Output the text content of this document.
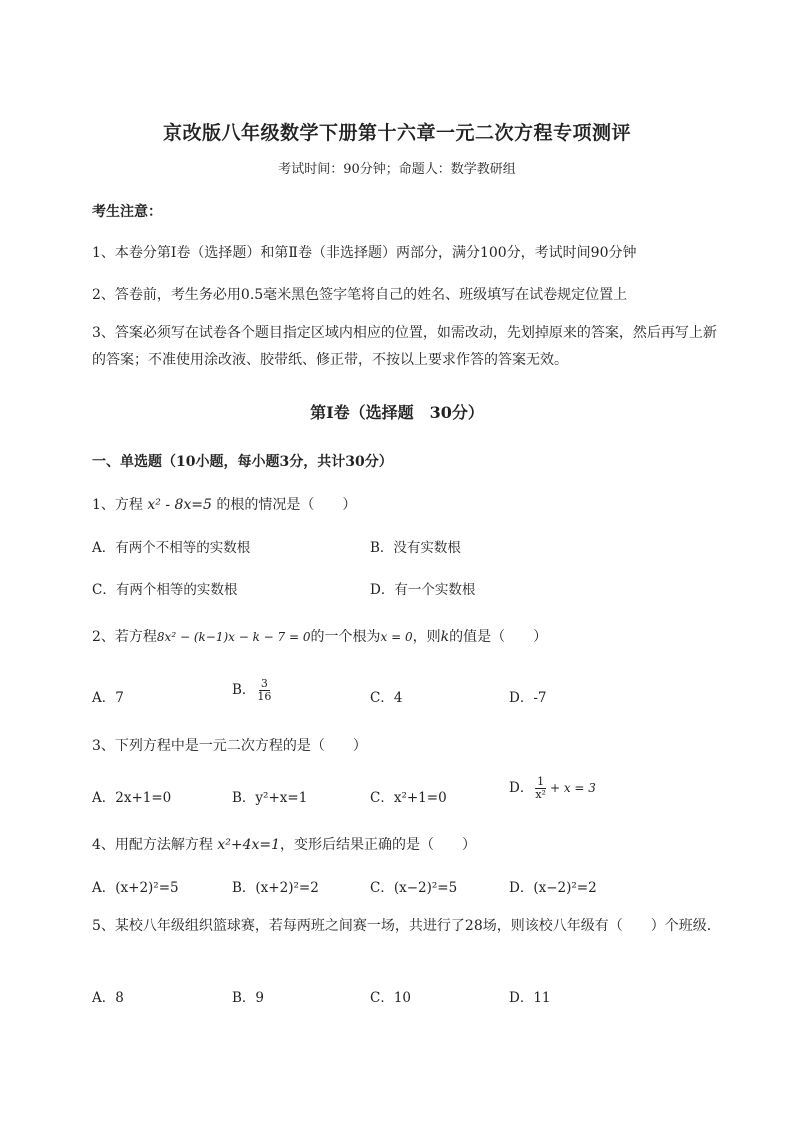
京改版八年级数学下册第十六章一元二次方程专项测评
考试时间：90分钟；命题人：数学教研组
考生注意：
1、本卷分第I卷（选择题）和第Ⅱ卷（非选择题）两部分，满分100分，考试时间90分钟
2、答卷前，考生务必用0.5毫米黑色签字笔将自己的姓名、班级填写在试卷规定位置上
3、答案必须写在试卷各个题目指定区域内相应的位置，如需改动，先划掉原来的答案，然后再写上新的答案；不准使用涂改液、胶带纸、修正带，不按以上要求作答的答案无效。
第I卷（选择题　30分）
一、单选题（10小题，每小题3分，共计30分）
1、方程 x² - 8x=5 的根的情况是（　　）
A．有两个不相等的实数根	B．没有实数根
C．有两个相等的实数根	D．有一个实数根
2、若方程8x² − (k−1)x − k − 7 = 0的一个根为x = 0，则k的值是（　　）
A．7	B． $\frac{3}{16}$	C．4	D．-7
3、下列方程中是一元二次方程的是（　　）
A．2x+1=0	B．y²+x=1	C．x²+1=0
D． $\frac{1}{\text{x²}} + x = 3$
4、用配方法解方程 x²+4x=1，变形后结果正确的是（　　）
A．(x+2)²=5	B．(x+2)²=2	C．(x−2)²=5	D．(x−2)²=2
5、某校八年级组织篮球赛，若每两班之间赛一场，共进行了28场，则该校八年级有（　　）个班级．
A．8	B．9	C．10	D．11
